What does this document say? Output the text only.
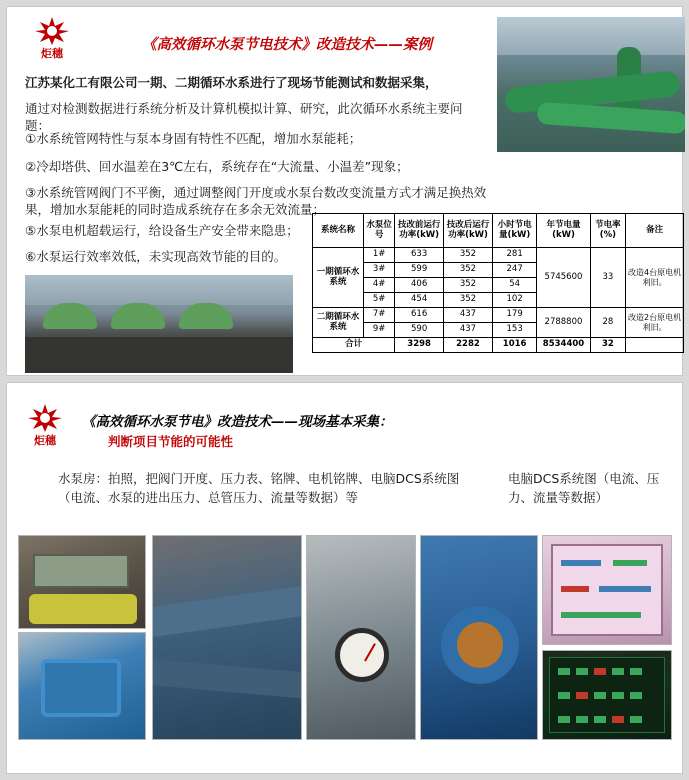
炬穗
《高效循环水泵节电技术》改造技术——案例
江苏某化工有限公司一期、二期循环水系进行了现场节能测试和数据采集，
通过对检测数据进行系统分析及计算机模拟计算、研究，此次循环水系统主要问题：
①水系统管网特性与泵本身固有特性不匹配，增加水泵能耗；
②冷却塔供、回水温差在3℃左右，系统存在“大流量、小温差”现象；
③水系统管网阀门不平衡，通过调整阀门开度或水泵台数改变流量方式才满足换热效果，增加水泵能耗的同时造成系统存在多余无效流量；
⑤水泵电机超载运行，给设备生产安全带来隐患；
⑥水泵运行效率效低，未实现高效节能的目的。
系统名称	水泵位号	技改前运行功率(kW)	技改后运行功率(kW)	小时节电量(kW)	年节电量(kW)	节电率(%)	备注
一期循环水系统	1#	633	352	281	5745600	33	改造4台原电机利旧。
	3#	599	352	247			
	4#	406	352	54			
	5#	454	352	102			
二期循环水系统	7#	616	437	179	2788800	28	改造2台原电机利旧。
	9#	590	437	153			
合计		3298	2282	1016	8534400	32	
炬穗
《高效循环水泵节电》改造技术——现场基本采集：
判断项目节能的可能性
水泵房：拍照，把阀门开度、压力表、铭牌、电机铭牌、电脑DCS系统图（电流、水泵的进出压力、总管压力、流量等数据）等
电脑DCS系统图（电流、压力、流量等数据）
